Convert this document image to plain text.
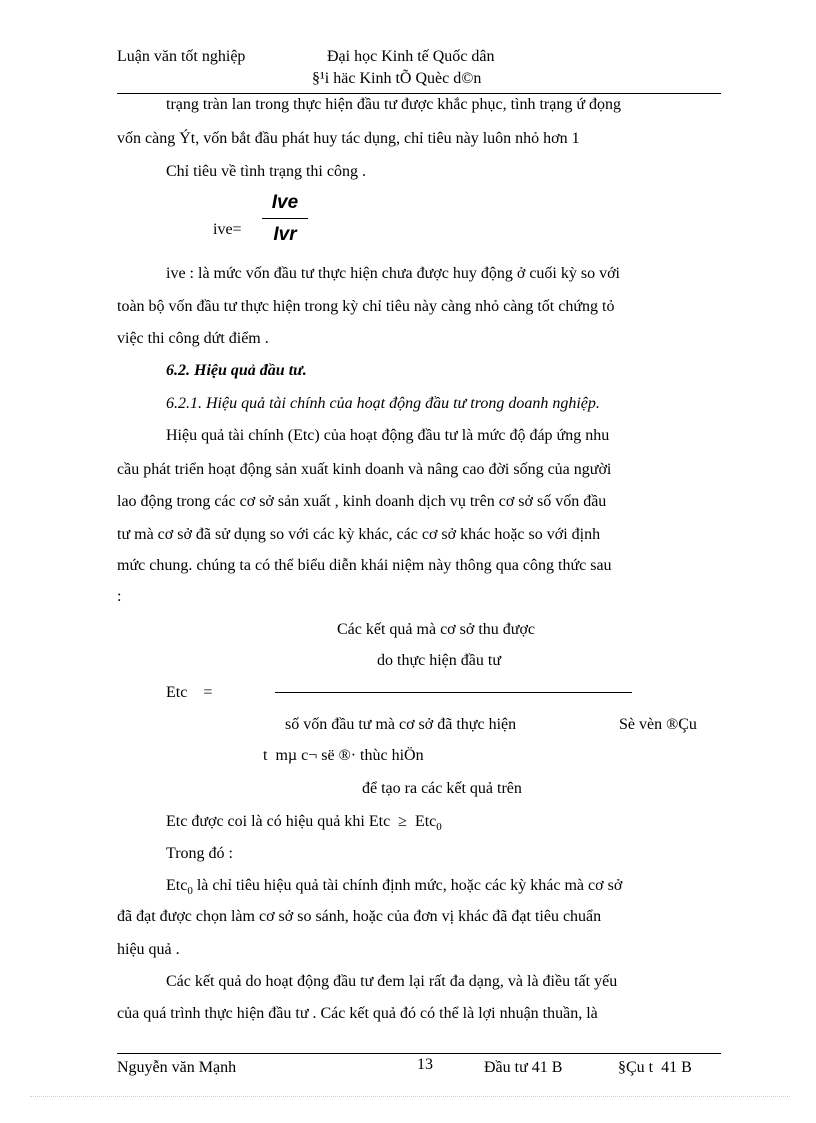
Luận văn tốt nghiệp	Đại học Kinh tế Quốc dân
§¹i häc Kinh tÕ Quèc d©n
trạng tràn lan trong thực hiện đầu tư được khắc phục, tình trạng ứ đọng
vốn càng Ýt, vốn bắt đầu phát huy tác dụng, chỉ tiêu này luôn nhỏ hơn 1
Chỉ tiêu về tình trạng thi công .
ive=
Ive
Ivr
ive : là mức vốn đầu tư thực hiện chưa được huy động ở cuối kỳ so với
toàn bộ vốn đầu tư thực hiện trong kỳ chỉ tiêu này càng nhỏ càng tốt chứng tỏ
việc thi công dứt điểm .
6.2. Hiệu quả đầu tư.
6.2.1. Hiệu quả tài chính của hoạt động đầu tư trong doanh nghiệp.
Hiệu quả tài chính (Etc) của hoạt động đầu tư là mức độ đáp ứng nhu
cầu phát triển hoạt động sản xuất kinh doanh và nâng cao đời sống của người
lao động trong các cơ sở sản xuất , kinh doanh dịch vụ trên cơ sở số vốn đầu
tư mà cơ sở đã sử dụng so với các kỳ khác, các cơ sở khác hoặc so với định
mức chung. chúng ta có thể biểu diễn khái niệm này thông qua công thức sau
:
Các kết quả mà cơ sở thu được
do thực hiện đầu tư
Etc    =
số vốn đầu tư mà cơ sở đã thực hiện	Sè vèn ®Çu
t  mµ c¬ së ®· thùc hiÖn
để tạo ra các kết quả trên
Etc được coi là có hiệu quả khi Etc  ≥  Etc$_0$
Trong đó :
Etc$_0$ là chỉ tiêu hiệu quả tài chính định mức, hoặc các kỳ khác mà cơ sở
đã đạt được chọn làm cơ sở so sánh, hoặc của đơn vị khác đã đạt tiêu chuẩn
hiệu quả .
Các kết quả do hoạt động đầu tư đem lại rất đa dạng, và là điều tất yếu
của quá trình thực hiện đầu tư . Các kết quả đó có thể là lợi nhuận thuần, là
Nguyễn văn Mạnh	13	Đầu tư 41 B	§Çu t  41 B
